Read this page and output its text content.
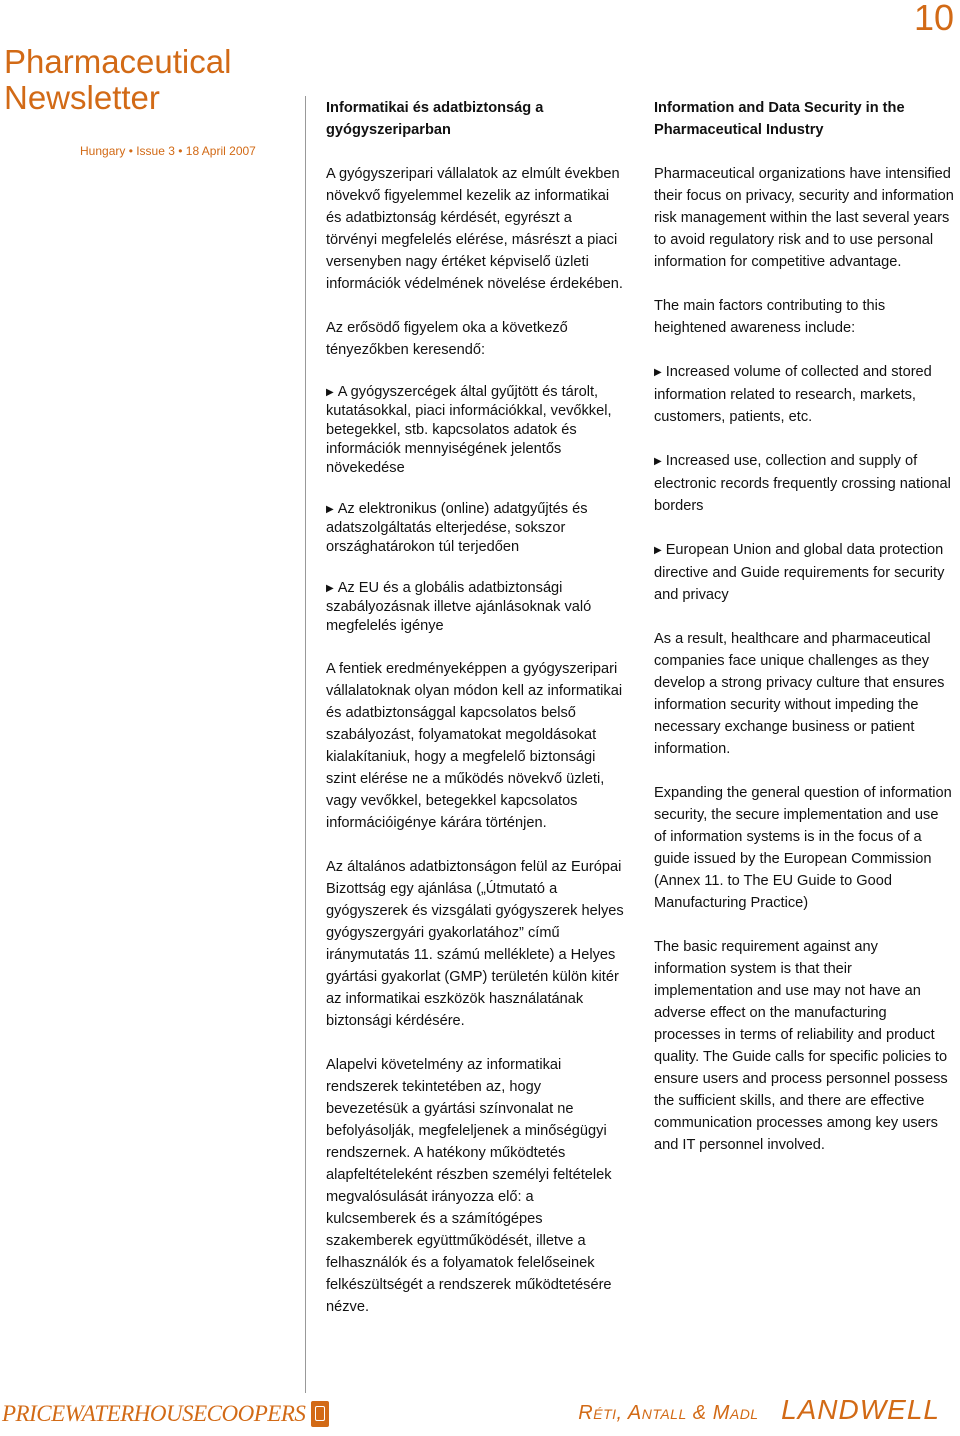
10
Pharmaceutical
Newsletter
Hungary • Issue 3 • 18 April 2007

Informatikai és adatbiztonság a gyógyszeriparban

A gyógyszeripari vállalatok az elmúlt években növekvő figyelemmel kezelik az informatikai és adatbiztonság kérdését, egyrészt a törvényi megfelelés elérése, másrészt a piaci versenyben nagy értéket képviselő üzleti információk védelmének növelése érdekében.

Az erősödő figyelem oka a következő tényezőkben keresendő:

▶ A gyógyszercégek által gyűjtött és tárolt, kutatásokkal, piaci információkkal, vevőkkel, betegekkel, stb. kapcsolatos adatok és információk mennyiségének jelentős növekedése
▶ Az elektronikus (online) adatgyűjtés és adatszolgáltatás elterjedése, sokszor országhatárokon túl terjedően
▶ Az EU és a globális adatbiztonsági szabályozásnak illetve ajánlásoknak való megfelelés igénye

A fentiek eredményeképpen a gyógyszeripari vállalatoknak olyan módon kell az informatikai és adatbiztonsággal kapcsolatos belső szabályozást, folyamatokat megoldásokat kialakítaniuk, hogy a megfelelő biztonsági szint elérése ne a működés növekvő üzleti, vagy vevőkkel, betegekkel kapcsolatos információigénye kárára történjen.

Az általános adatbiztonságon felül az Európai Bizottság egy ajánlása („Útmutató a gyógyszerek és vizsgálati gyógyszerek helyes gyógyszergyári gyakorlatához” című iránymutatás 11. számú melléklete) a Helyes gyártási gyakorlat (GMP) területén külön kitér az informatikai eszközök használatának biztonsági kérdésére.

Alapelvi követelmény az informatikai rendszerek tekintetében az, hogy bevezetésük a gyártási színvonalat ne befolyásolják, megfeleljenek a minőségügyi rendszernek. A hatékony működtetés alapfeltételeként részben személyi feltételek megvalósulását irányozza elő: a kulcsemberek és a számítógépes szakemberek együttműködését, illetve a felhasználók és a folyamatok felelőseinek felkészültségét a rendszerek működtetésére nézve.

Information and Data Security in the Pharmaceutical Industry

Pharmaceutical organizations have intensified their focus on privacy, security and information risk management within the last several years to avoid regulatory risk and to use personal information for competitive advantage.

The main factors contributing to this heightened awareness include:

▶ Increased volume of collected and stored information related to research, markets, customers, patients, etc.
▶ Increased use, collection and supply of electronic records frequently crossing national borders
▶ European Union and global data protection directive and Guide requirements for security and privacy

As a result, healthcare and pharmaceutical companies face unique challenges as they develop a strong privacy culture that ensures information security without impeding the necessary exchange business or patient information.

Expanding the general question of information security, the secure implementation and use of information systems is in the focus of a guide issued by the European Commission (Annex 11. to The EU Guide to Good Manufacturing Practice)

The basic requirement against any information system is that their implementation and use may not have an adverse effect on the manufacturing processes in terms of reliability and product quality. The Guide calls for specific policies to ensure users and process personnel possess the sufficient skills, and there are effective communication processes among key users and IT personnel involved.

PRICEWATERHOUSECOOPERS	Réti, Antall & Madl LANDWELL
